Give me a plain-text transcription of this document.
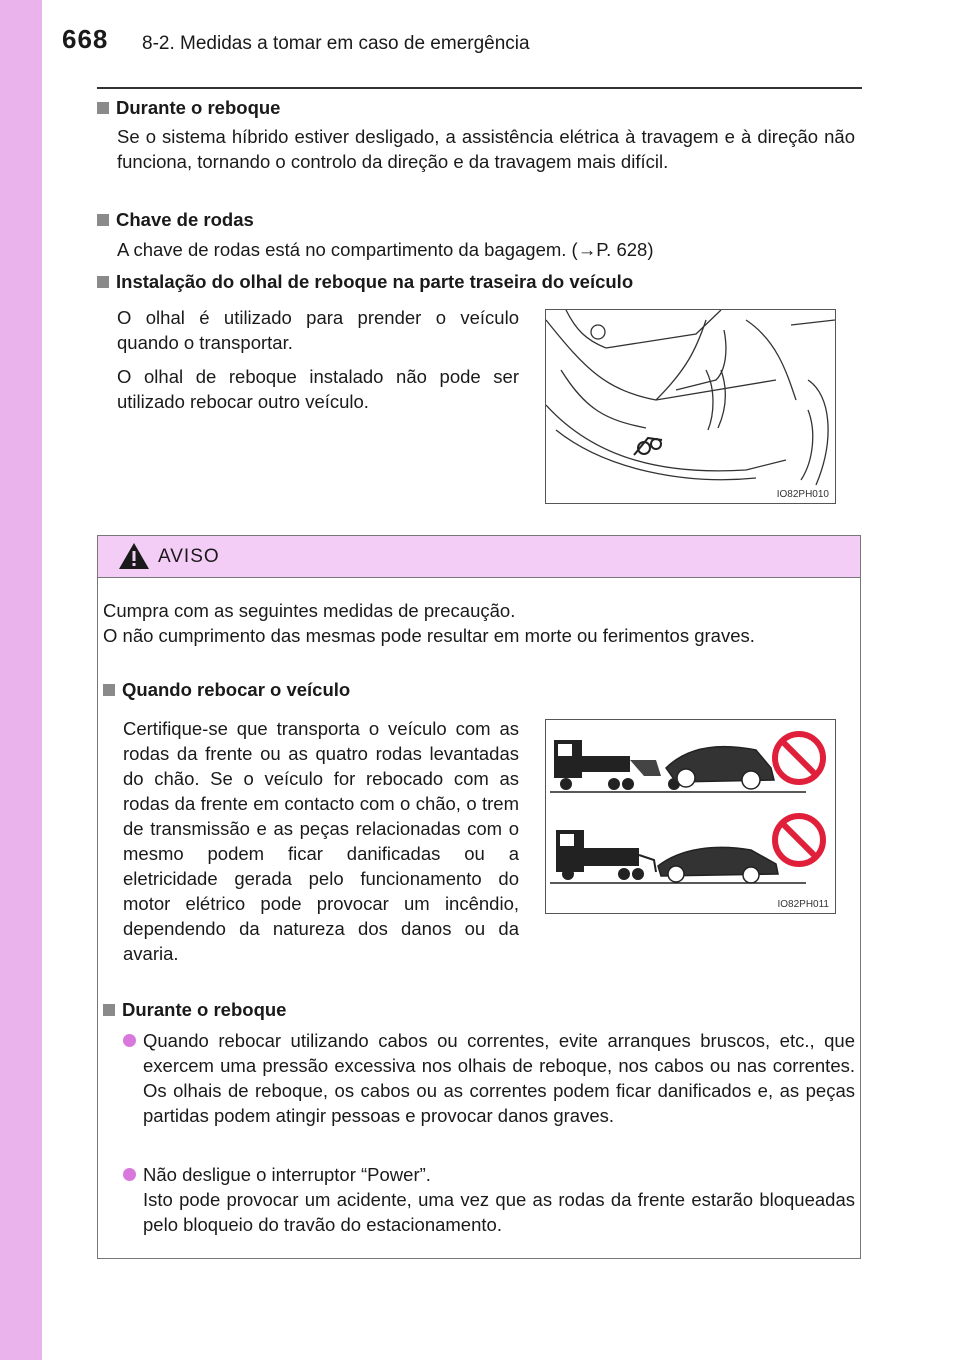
668 8-2. Medidas a tomar em caso de emergência
Durante o reboque

Se o sistema híbrido estiver desligado, a assistência elétrica à travagem e à direção não funciona, tornando o controlo da direção e da travagem mais difícil.

Chave de rodas

A chave de rodas está no compartimento da bagagem. (→P. 628)

Instalação do olhal de reboque na parte traseira do veículo

O olhal é utilizado para prender o veículo quando o transportar.

O olhal de reboque instalado não pode ser utilizado rebocar outro veículo.

IO82PH010
AVISO

Cumpra com as seguintes medidas de precaução.

O não cumprimento das mesmas pode resultar em morte ou ferimentos graves.

Quando rebocar o veículo

Certifique-se que transporta o veículo com as rodas da frente ou as quatro rodas levantadas do chão. Se o veículo for rebocado com as rodas da frente em contacto com o chão, o trem de transmissão e as peças relacionadas com o mesmo podem ficar danificadas ou a eletricidade gerada pelo funcionamento do motor elétrico pode provocar um incêndio, dependendo da natureza dos danos ou da avaria.

IO82PH011
Durante o reboque

Quando rebocar utilizando cabos ou correntes, evite arranques bruscos, etc., que exercem uma pressão excessiva nos olhais de reboque, nos cabos ou nas correntes. Os olhais de reboque, os cabos ou as correntes podem ficar danificados e, as peças partidas podem atingir pessoas e provocar danos graves.

Não desligue o interruptor “Power”.

Isto pode provocar um acidente, uma vez que as rodas da frente estarão bloqueadas pelo bloqueio do travão do estacionamento.
